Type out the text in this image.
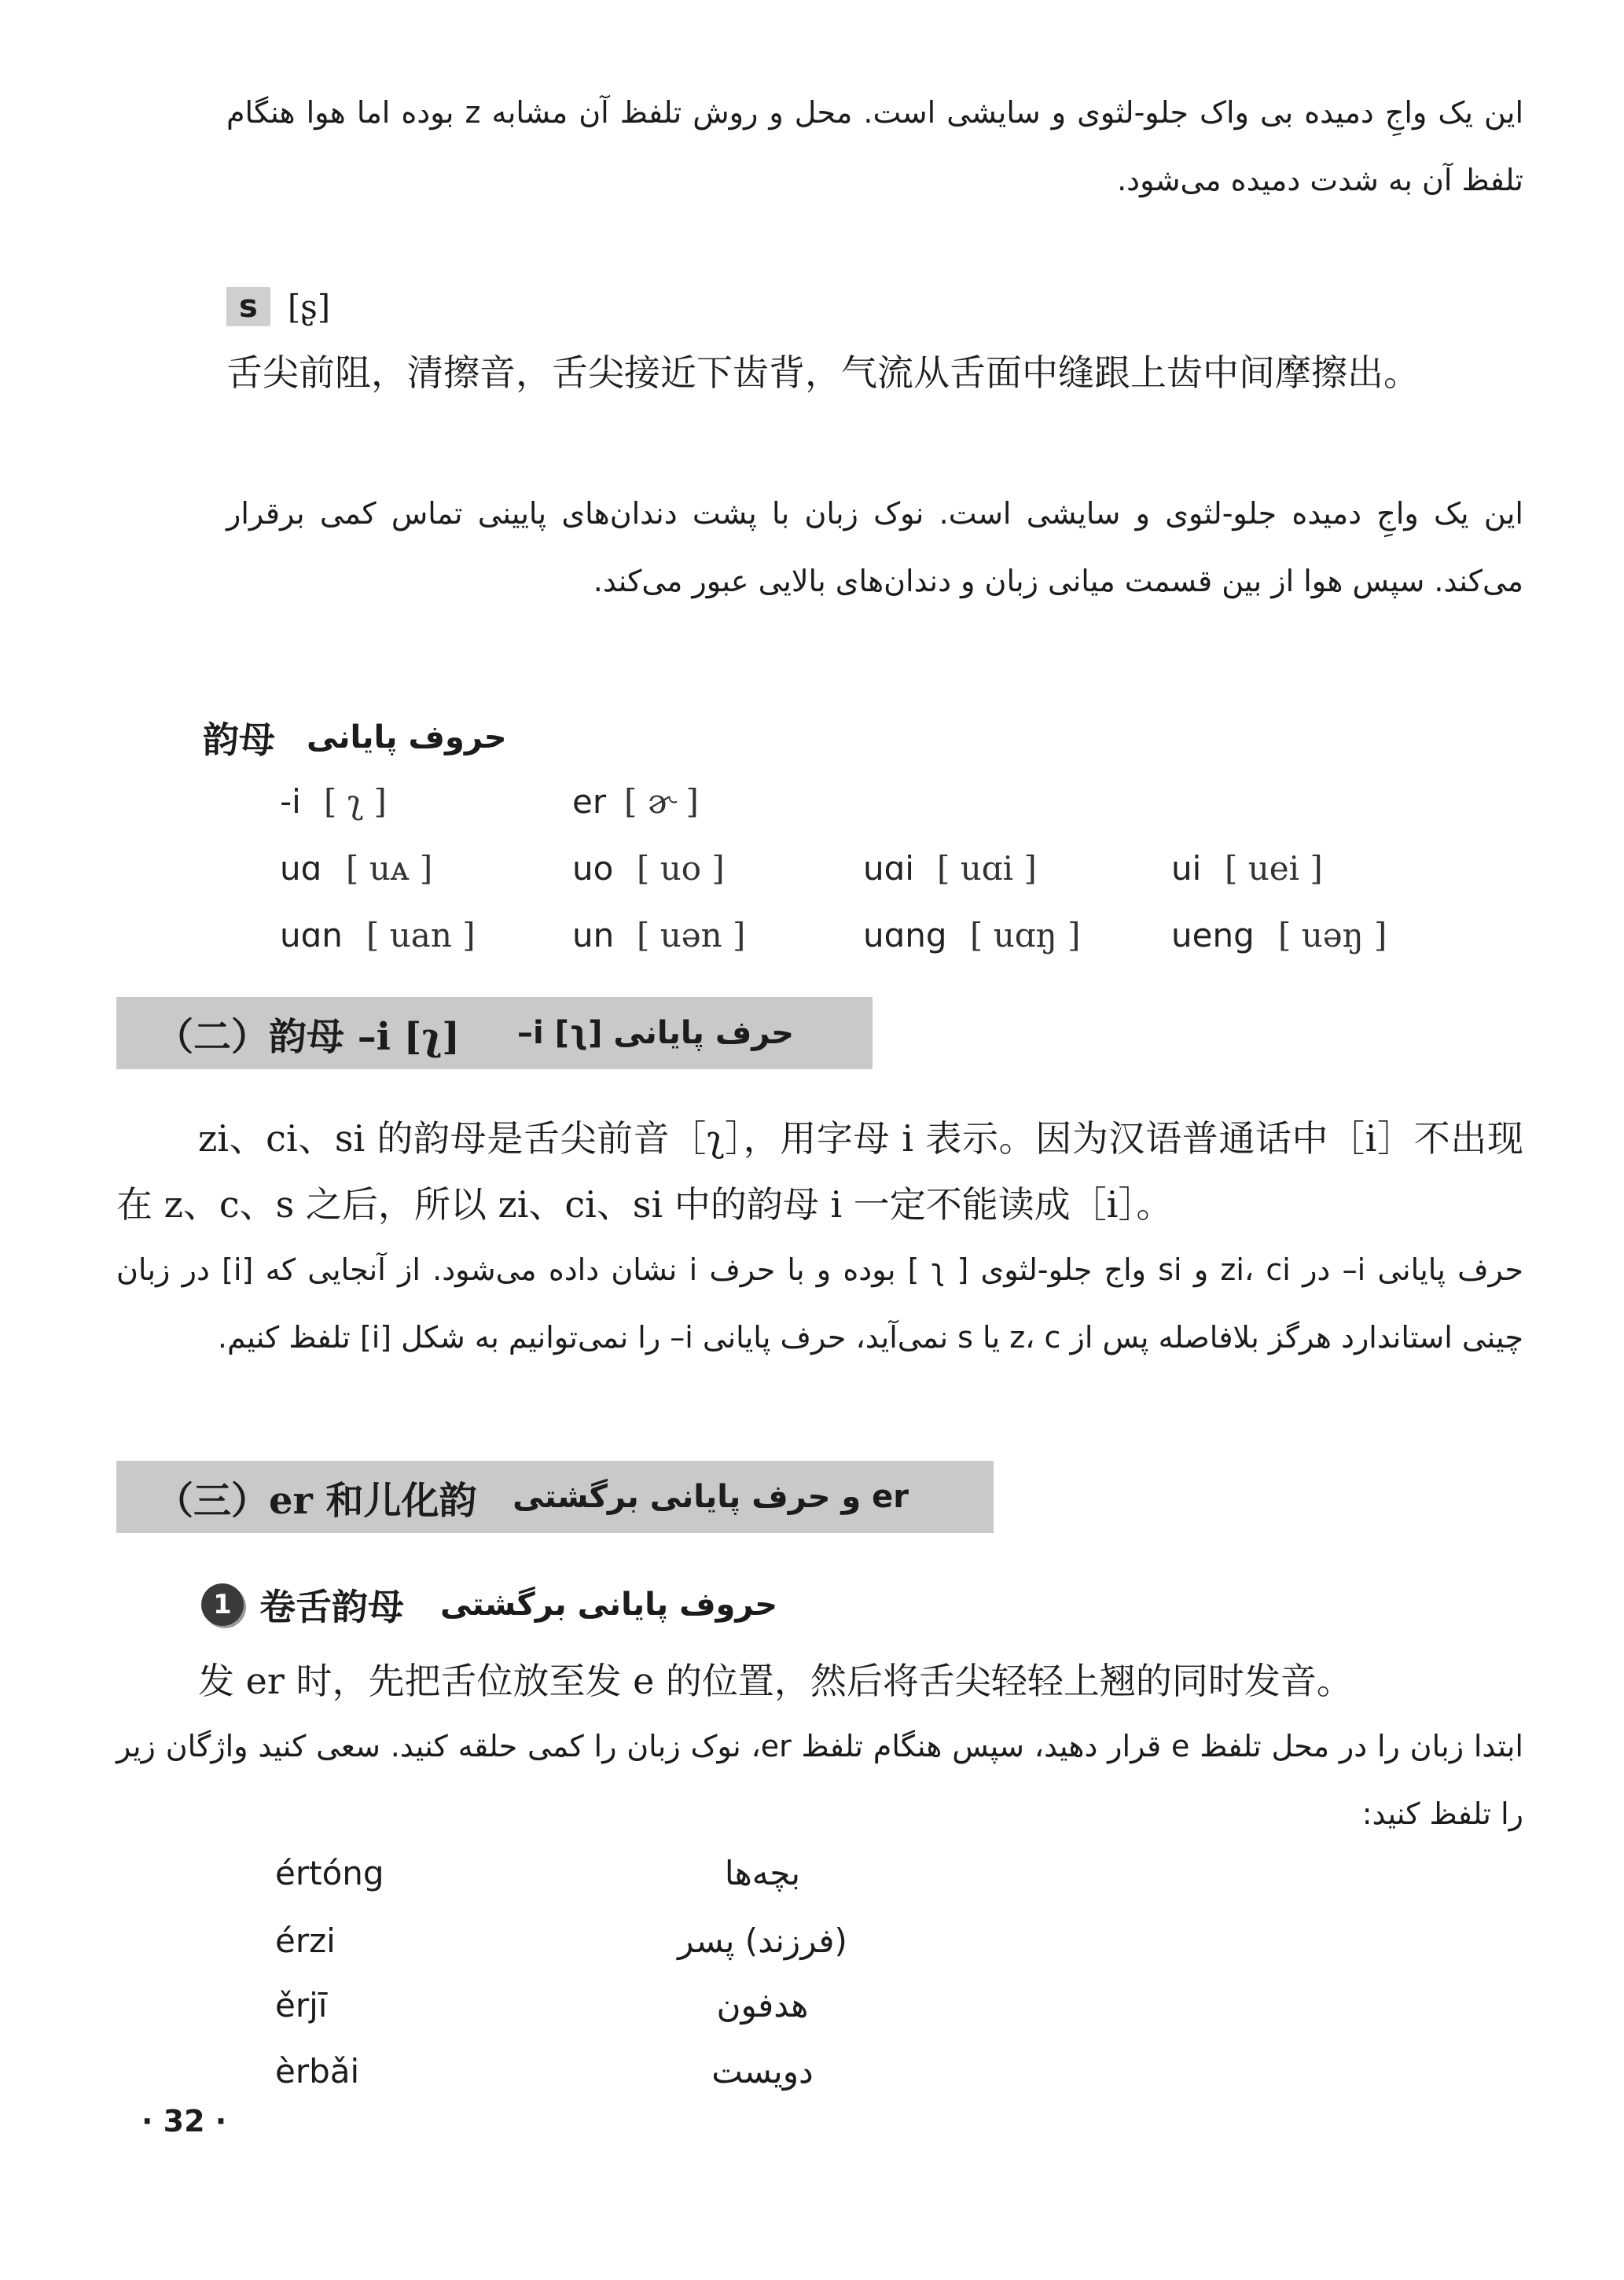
این یک واجِ دمیده بی واک جلو-لثوی و سایشی است. محل و روش تلفظ آن مشابه z بوده اما هوا هنگام تلفظ آن به شدت دمیده می‌شود.
s [ʂ]
舌尖前阻，清擦音，舌尖接近下齿背，气流从舌面中缝跟上齿中间摩擦出。
این یک واجِ دمیده جلو-لثوی و سایشی است. نوک زبان با پشت دندان‌های پایینی تماس کمی برقرار می‌کند. سپس هوا از بین قسمت میانی زبان و دندان‌های بالایی عبور می‌کند.
韵母 حروف پایانی
-i [ ʅ ]	er [ ɚ ]
uɑ [ uᴀ ]	uo [ uo ]	uɑi [ uɑi ]	ui [ uei ]
uɑn [ uan ]	un [ uən ]	uɑng [ uɑŋ ]	ueng [ uəŋ ]
（二）韵母 –i [ʅ] حرف پایانی [ʅ] i–
zi、ci、si 的韵母是舌尖前音［ʅ］，用字母 i 表示。因为汉语普通话中［i］不出现在 z、c、s 之后，所以 zi、ci、si 中的韵母 i 一定不能读成［i］。
حرف پایانی i– در zi، ci و si واج جلو-لثوی [ ʅ ] بوده و با حرف i نشان داده می‌شود. از آنجایی که [i] در زبان چینی استاندارد هرگز بلافاصله پس از z، c یا s نمی‌آید، حرف پایانی i– را نمی‌توانیم به شکل [i] تلفظ کنیم.
（三）er 和儿化韵 er و حرف پایانی برگشتی
1 卷舌韵母 حروف پایانی برگشتی
发 er 时，先把舌位放至发 e 的位置，然后将舌尖轻轻上翘的同时发音。
ابتدا زبان را در محل تلفظ e قرار دهید، سپس هنگام تلفظ er، نوک زبان را کمی حلقه کنید. سعی کنید واژگان زیر را تلفظ کنید:
értóng	بچه‌ها
érzi	(فرزند) پسر
ěrjī	هدفون
èrbǎi	دویست
· 32 ·
